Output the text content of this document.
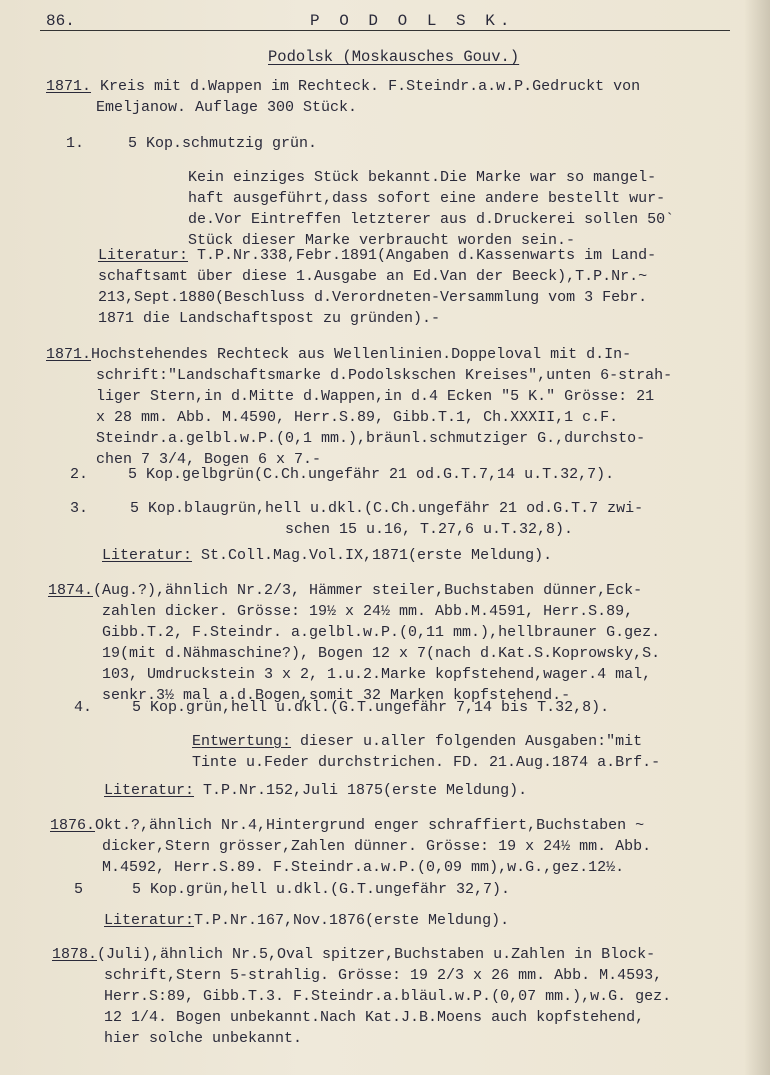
86.	P O D O L S K.
Podolsk (Moskausches Gouv.)
1871. Kreis mit d.Wappen im Rechteck. F.Steindr.a.w.P.Gedruckt von
Emeljanow. Auflage 300 Stück.
1.	5 Kop.schmutzig grün.
Kein einziges Stück bekannt.Die Marke war so mangel-
haft ausgeführt,dass sofort eine andere bestellt wur-
de.Vor Eintreffen letzterer aus d.Druckerei sollen 50`
Stück dieser Marke verbraucht worden sein.-
Literatur: T.P.Nr.338,Febr.1891(Angaben d.Kassenwarts im Land-
schaftsamt über diese 1.Ausgabe an Ed.Van der Beeck),T.P.Nr.~
213,Sept.1880(Beschluss d.Verordneten-Versammlung vom 3 Febr.
1871 die Landschaftspost zu gründen).-
1871.Hochstehendes Rechteck aus Wellenlinien.Doppeloval mit d.In-
schrift:"Landschaftsmarke d.Podolskschen Kreises",unten 6-strah-
liger Stern,in d.Mitte d.Wappen,in d.4 Ecken "5 K." Grösse: 21
x 28 mm. Abb. M.4590, Herr.S.89, Gibb.T.1, Ch.XXXII,1 c.F.
Steindr.a.gelbl.w.P.(0,1 mm.),bräunl.schmutziger G.,durchsto-
chen 7 3/4, Bogen 6 x 7.-
2.	5 Kop.gelbgrün(C.Ch.ungefähr 21 od.G.T.7,14 u.T.32,7).
3.	5 Kop.blaugrün,hell u.dkl.(C.Ch.ungefähr 21 od.G.T.7 zwi-
schen 15 u.16, T.27,6 u.T.32,8).
Literatur: St.Coll.Mag.Vol.IX,1871(erste Meldung).
1874.(Aug.?),ähnlich Nr.2/3, Hämmer steiler,Buchstaben dünner,Eck-
zahlen dicker. Grösse: 19½ x 24½ mm. Abb.M.4591, Herr.S.89,
Gibb.T.2, F.Steindr. a.gelbl.w.P.(0,11 mm.),hellbrauner G.gez.
19(mit d.Nähmaschine?), Bogen 12 x 7(nach d.Kat.S.Koprowsky,S.
103, Umdruckstein 3 x 2, 1.u.2.Marke kopfstehend,wager.4 mal,
senkr.3½ mal a.d.Bogen,somit 32 Marken kopfstehend.-
4.	5 Kop.grün,hell u.dkl.(G.T.ungefähr 7,14 bis T.32,8).
Entwertung: dieser u.aller folgenden Ausgaben:"mit
Tinte u.Feder durchstrichen. FD. 21.Aug.1874 a.Brf.-
Literatur: T.P.Nr.152,Juli 1875(erste Meldung).
1876.Okt.?,ähnlich Nr.4,Hintergrund enger schraffiert,Buchstaben ~
dicker,Stern grösser,Zahlen dünner. Grösse: 19 x 24½ mm. Abb.
M.4592, Herr.S.89. F.Steindr.a.w.P.(0,09 mm),w.G.,gez.12½.
5	5 Kop.grün,hell u.dkl.(G.T.ungefähr 32,7).
Literatur:T.P.Nr.167,Nov.1876(erste Meldung).
1878.(Juli),ähnlich Nr.5,Oval spitzer,Buchstaben u.Zahlen in Block-
schrift,Stern 5-strahlig. Grösse: 19 2/3 x 26 mm. Abb. M.4593,
Herr.S:89, Gibb.T.3. F.Steindr.a.bläul.w.P.(0,07 mm.),w.G. gez.
12 1/4. Bogen unbekannt.Nach Kat.J.B.Moens auch kopfstehend,
hier solche unbekannt.
